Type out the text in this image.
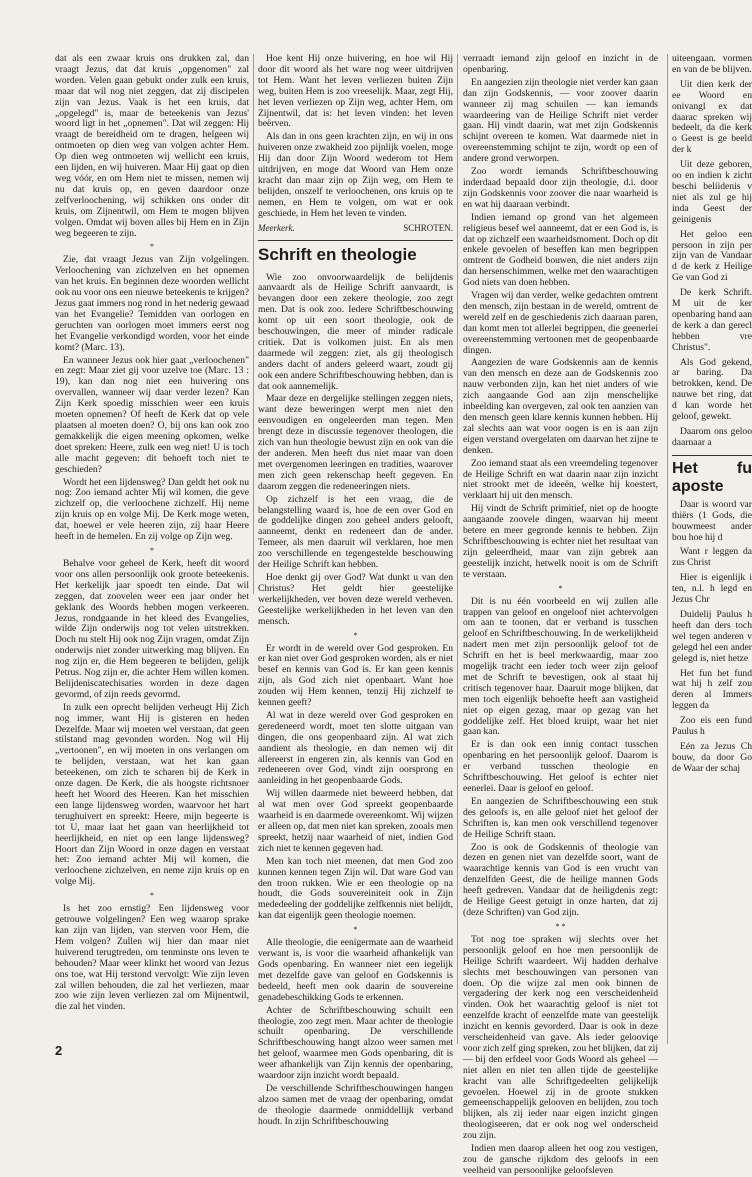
dat als een zwaar kruis ons drukken zal, dan vraagt Jezus, dat dat kruis „opgenomen" zal worden. Velen gaan gebukt onder zulk een kruis, maar dat wil nog niet zeggen, dat zij discipelen zijn van Jezus. Vaak is het een kruis, dat „opgelegd" is, maar de beteekenis van Jezus' woord ligt in het „opnemen". Dat wil zeggen: Hij vraagt de bereidheid om te dragen, helgeen wij ontmoeten op dien weg van volgen achter Hem. Op dien weg ontmoeten wij wellicht een kruis, een lijden, en wij huiveren. Maar Hij gaat op dien weg vóór, en om Hem niet te missen, nemen wij nu dat kruis op, en geven daardoor onze zelfverloochening, wij schikken ons onder dit kruis, om Zijnentwil, om Hem te mogen blijven volgen. Omdat wij boven alles bij Hem en in Zijn weg begeeren te zijn.

*

Zie, dat vraagt Jezus van Zijn volgelingen. Verloochening van zichzelven en het opnemen van het kruis. En beginnen deze woorden wellicht ook nu voor ons een nieuwe beteekenis te krijgen? Jezus gaat immers nog rond in het nederig gewaad van het Evangelie? Temidden van oorlogen en geruchten van oorlogen moet immers eerst nog het Evangelie verkondigd worden, voor het einde komt? (Marc. 13).

En wanneer Jezus ook hier gaat „verloochenen" en zegt: Maar ziet gij voor uzelve toe (Marc. 13 : 19), kan dan nog niet een huivering ons overvallen, wanneer wij daar verder lezen? Kan Zijn Kerk spoedig misschien weer een kruis moeten opnemen? Of heeft de Kerk dat op vele plaatsen al moeten doen? O, bij ons kan ook zoo gemakkelijk die eigen meening opkomen, welke doet spreken: Heere, zulk een weg niet! U is toch alle macht gegeven: dit behoeft toch niet te geschieden?

Wordt het een lijdensweg? Dan geldt het ook nu nog: Zoo iemand achter Mij wil komen, die geve zichzelf op, die verloochene zichzelf. Hij neme zijn kruis op en volge Mij. De Kerk moge weten, dat, hoewel er vele heeren zijn, zij haar Heere heeft in de hemelen. En zij volge op Zijn weg.

*

Behalve voor geheel de Kerk, heeft dit woord voor ons allen persoonlijk ook groote beteekenis. Het kerkelijk jaar spoedt ten einde. Dat wil zeggen, dat zoovelen weer een jaar onder het geklank des Woords hebben mogen verkeeren. Jezus, rondgaande in het kleed des Evangelies, wilde Zijn onderwijs nog tot velen uitstrekken. Doch nu stelt Hij ook nog Zijn vragen, omdat Zijn onderwijs niet zonder uitwerking mag blijven. En nog zijn er, die Hem begeeren te belijden, gelijk Petrus. Nog zijn er, die achter Hem willen komen. Belijdeniscatechisaties worden in deze dagen gevormd, of zijn reeds gevormd.

In zulk een oprecht belijden verheugt Hij Zich nog immer, want Hij is gisteren en heden Dezelfde. Maar wij moeten wel verstaan, dat geen stilstand mag gevonden worden. Nog wil Hij „vertoonen", en wij moeten in ons verlangen om te belijden, verstaan, wat het kan gaan beteekenen, om zich te scharen bij de Kerk in onze dagen. De Kerk, die als hoogste richtsnoer heeft het Woord des Heeren. Kan het misschien een lange lijdensweg worden, waarvoor het hart terughuivert en spreekt: Heere, mijn begeerte is tot U, maar laat het gaan van heerlijkheid tot heerlijkheid, en niet op een lange lijdensweg? Hoort dan Zijn Woord in onze dagen en verstaat het: Zoo iemand achter Mij wil komen, die verloochene zichzelven, en neme zijn kruis op en volge Mij.

*

Is het zoo ernstig? Een lijdensweg voor getrouwe volgelingen? Een weg waarop sprake kan zijn van lijden, van sterven voor Hem, die Hem volgen? Zullen wij hier dan maar niet huiverend terugtreden, om tenminste ons leven te behouden? Maar weer klinkt het woord van Jezus ons toe, wat Hij terstond vervolgt: Wie zijn leven zal willen behouden, die zal het verliezen, maar zoo wie zijn leven verliezen zal om Mijnentwil, die zal het vinden.

Hoe kent Hij onze huivering, en hoe wil Hij door dit woord als het ware nog weer uitdrijven tot Hem. Want het leven verliezen buiten Zijn weg, buiten Hem is zoo vreeselijk. Maar, zegt Hij, het leven verliezen op Zijn weg, achter Hem, om Zijnentwil, dat is: het leven vinden: het leven beërven.

Als dan in ons geen krachten zijn, en wij in ons huiveren onze zwakheid zoo pijnlijk voelen, moge Hij dan door Zijn Woord wederom tot Hem uitdrijven, en moge dat Woord van Hem onze kracht dan maar zijn op Zijn weg, om Hem te belijden, onszelf te verloochenen, ons kruis op te nemen, en Hem te volgen, om wat er ook geschiede, in Hem het leven te vinden.

Meerkerk.	SCHROTEN.
Schrift en theologie

Wie zoo onvoorwaardelijk de belijdenis aanvaardt als de Heilige Schrift aanvaardt, is bevangen door een zekere theologie, zoo zegt men. Dat is ook zoo. Iedere Schriftbeschouwing komt op uit een soort theologie, ook de beschouwingen, die meer of minder radicale critiek. Dat is volkomen juist. En als men daarmede wil zeggen: ziet, als gij theologisch anders dacht of anders geleerd waart, zoudt gij ook een andere Schriftbeschouwing hebben, dan is dat ook aannemelijk.

Maar deze en dergelijke stellingen zeggen niets, want deze beweringen werpt men niet den eenvoudigen en ongeleerden man tegen. Men brengt deze in discussie tegenover theologen, die zich van hun theologie bewust zijn en ook van die der anderen. Men heeft dus niet maar van doen met overgenomen leeringen en tradities, waarover men zich geen rekenschap heeft gegeven. En daarom zeggen die redeneeringen niets.

Op zichzelf is het een vraag, die de belangstelling waard is, hoe de een over God en de goddelijke dingen zoo geheel anders gelooft, aanneemt, denkt en redeneert dan de ander. Temeer, als men daaruit wil verklaren, hoe men zoo verschillende en tegengestelde beschouwing der Heilige Schrift kan hebben.

Hoe denkt gij over God? Wat dunkt u van den Christus? Het geldt hier geestelijke werkelijkheden, ver boven deze wereld verheven. Geestelijke werkelijkheden in het leven van den mensch.

*

Er wordt in de wereld over God gesproken. En er kan niet over God gesproken worden, als er niet besef en kennis van God is. Er kan geen kennis zijn, als God zich niet openbaart. Want hoe zouden wij Hem kennen, tenzij Hij zichzelf te kennen geeft?

Al wat in deze wereld over God gesproken en geredeneerd wordt, moet ten slotte uitgaan van dingen, die ons geopenbaard zijn. Al wat zich aandient als theologie, en dan nemen wij dit allereerst in engeren zin, als kennis van God en redeneeren over God, vindt zijn oorsprong en aanleiding in het geopenbaarde Gods.

Wij willen daarmede niet beweerd hebben, dat al wat men over God spreekt geopenbaarde waarheid is en daarmede overeenkomt. Wij wijzen er alleen op, dat men niet kan spreken, zooals men spreekt, hetzij naar waarheid of niet, indien God zich niet te kennen gegeven had.

Men kan toch niet meenen, dat men God zoo kunnen kennen tegen Zijn wil. Dat ware God van den troon rukken. Wie er een theologie op na houdt, die Gods souvereiniteit ook in Zijn mededeeling der goddelijke zelfkennis niet belijdt, kan dat eigenlijk geen theologie noemen.

*

Alle theologie, die eenigermate aan de waarheid verwant is, is voor die waarheid afhankelijk van Gods openbaring. En wanneer niet een iegelijk met dezelfde gave van geloof en Godskennis is bedeeld, heeft men ook daarin de souvereine genadebeschikking Gods te erkennen.

Achter de Schriftbeschouwing schuilt een theologie, zoo zegt men. Maar achter de theologie schuilt openbaring. De verschillende Schriftbeschouwing hangt alzoo weer samen met het geloof, waarmee men Gods openbaring, dit is weer afhankelijk van Zijn kennis der openbaring, waardoor zijn inzicht wordt bepaald.

De verschillende Schriftbeschouwingen hangen alzoo samen met de vraag der openbaring, omdat de theologie daarmede onmiddellijk verband houdt. In zijn Schriftbeschouwing

verraadt iemand zijn geloof en inzicht in de openbaring.

En aangezien zijn theologie niet verder kan gaan dan zijn Godskennis, — voor zoover daarin wanneer zij mag schuilen — kan iemands waardeering van de Heilige Schrift niet verder gaan. Hij vindt daarin, wat met zijn Godskennis schijnt overeen te komen. Wat daarmede niet in overeenstemming schijnt te zijn, wordt op een of andere grond verworpen.

Zoo wordt iemands Schriftbeschouwing inderdaad bepaald door zijn theologie, d.i. door zijn Godskennis voor zoover die naar waarheid is en wat hij daaraan verbindt.

Indien iemand op grond van het algemeen religieus besef wel aanneemt, dat er een God is, is dat op zichzelf een waarheidsmoment. Doch op dit enkele gevoelen of beseffen kan men begrippen omtrent de Godheid bouwen, die niet anders zijn dan hersenschimmen, welke met den waarachtigen God niets van doen hebben.

Vragen wij dan verder, welke gedachten omtrent den mensch, zijn bestaan in de wereld, omtrent de wereld zelf en de geschiedenis zich daaraan paren, dan komt men tot allerlei begrippen, die geenerlei overeenstemming vertoonen met de geopenbaarde dingen.

Aangezien de ware Godskennis aan de kennis van den mensch en deze aan de Godskennis zoo nauw verbonden zijn, kan het niet anders of wie zich aangaande God aan zijn menschelijke inbeelding kan overgeven, zal ook ten aanzien van den mensch geen klare kennis kunnen hebben. Hij zal slechts aan wat voor oogen is en is aan zijn eigen verstand overgelaten om daarvan het zijne te denken.

Zoo iemand staat als een vreemdeling tegenover de Heilige Schrift en wat daarin naar zijn inzicht niet strookt met de ideeën, welke hij koestert, verklaart hij uit den mensch.

Hij vindt de Schrift primitief, niet op de hoogte aangaande zoovele dingen, waarvan hij meent betere en meer gegronde kennis te hebben. Zijn Schriftbeschouwing is echter niet het resultaat van zijn geleerdheid, maar van zijn gebrek aan geestelijk inzicht, hetwelk nooit is om de Schrift te verstaan.

*

Dit is nu één voorbeeld en wij zullen alle trappen van geloof en ongeloof niet achtervolgen om aan te toonen, dat er verband is tusschen geloof en Schriftbeschouwing. In de werkelijkheid nadert men met zijn persoonlijk geloof tot de Schrift en het is beel merkwaardig, maar zoo mogelijk tracht een ieder toch weer zijn geloof met de Schrift te bevestigen, ook al staat hij critisch tegenover haar. Daaruit moge blijken, dat men toch eigenlijk behoefte heeft aan vastigheid niet op eigen gezag, maar op gezag van het goddelijke zelf. Het bloed kruipt, waar het niet gaan kan.

Er is dan ook een innig contact tusschen openbaring en het persoonlijk geloof. Daarom is er verband tusschen theologie en Schriftbeschouwing. Het geloof is echter niet eenerlei. Daar is geloof en geloof.

En aangezien de Schriftbeschouwing een stuk des geloofs is, en alle geloof niet het geloof der Schriften is, kan men ook verschillend tegenover de Heilige Schrift staan.

Zoo is ook de Godskennis of theologie van dezen en genen niet van dezelfde soort, want de waarachtige kennis van God is een vrucht van denzelfden Geest, die de heilige mannen Gods heeft gedreven. Vandaar dat de heiligdenis zegt: de Heilige Geest getuigt in onze harten, dat zij (deze Schriften) van God zijn.

* *

Tot nog toe spraken wij slechts over het persoonlijk geloof en hoe men persoonlijk de Heilige Schrift waardeert. Wij hadden derhalve slechts met beschouwingen van personen van doen. Op die wijze zal men ook binnen de vergadering der kerk nog een verscheidenheid vinden. Ook het waarachtig geloof is niet tot eenzelfde kracht of eenzelfde mate van geestelijk inzicht en kennis gevorderd. Daar is ook in deze verscheidenheid van gave. Als ieder gelooviqe voor zich zelf ging spreken, zou het blijken, dat zij — bij den erfdeel voor Gods Woord als geheel — niet allen en niet ten allen tijde de geestelijke kracht van alle Schriftgedeelten gelijkelijk gevoelen. Hoewel zij in de groote stukken gemeenschappelijk gelooven en belijden, zou toch blijken, als zij ieder naar eigen inzicht gingen theologiseeren, dat er ook nog wel onderscheid zou zijn.

Indien men daarop alleen het oog zou vestigen, zou de gansche rijkdom des geloofs in een veelheid van persoonlijke geloofsleven

uiteengaan. vormen en van de be blijven.

Uit dien kerk der ee Woord en onivangl ex dat daarac spreken wij bedeelt, da die kerk o Geest is ge beeld der k

Uit deze geboren, oo en indien k zicht beschi beliidenis v niet als zul ge hij inda Geest der geinigenis

Het geloo een persoon in zijn per zijn van de Vandaar d de kerk z Heilige Ge van God zi

De kerk Schrift. M uit de ker openbaring hand aan de kerk a dan gerecl hebben vre Christus".

Als God gekend, ar baring. Da betrokken, kend. De nauwe bet ring, dat d kan worde het geloof, gewekt.

Daarom ons geloo daarnaar a

Het fu aposte

Daar is woord var thiërs (1 Gods, die bouwmeest ander bou hoe hij d

Want r leggen da zus Christ

Hier is eigenlijk i ten, n.l. h legd en Jezus Chr

Duidelij Paulus h heeft dan ders toch wel tegen anderen v gelegd hel een ander gelegd is, niet hetze

Het fun het fund wat hij h zelf zou deren al Immers leggen da

Zoo eis een fund Paulus h

Eén za Jezus Ch bouw, da door Go de Waar der schaj

2
